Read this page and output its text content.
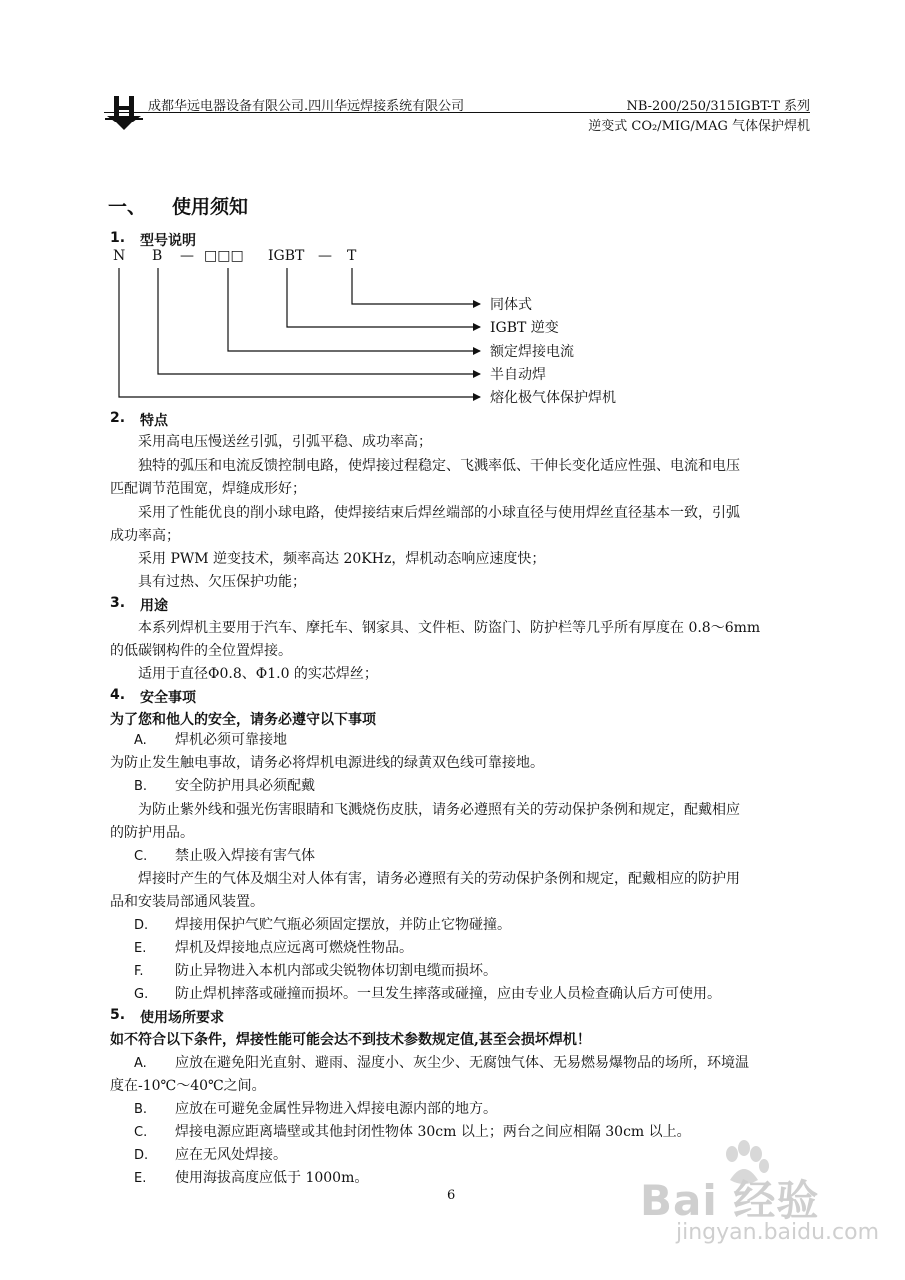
成都华远电器设备有限公司.四川华远焊接系统有限公司	NB-200/250/315IGBT-T 系列
逆变式 CO₂/MIG/MAG 气体保护焊机
一、 使用须知
1. 型号说明
N B — □□□ IGBT — T
同体式
IGBT 逆变
额定焊接电流
半自动焊
熔化极气体保护焊机
2. 特点
采用高电压慢送丝引弧，引弧平稳、成功率高；
独特的弧压和电流反馈控制电路，使焊接过程稳定、飞溅率低、干伸长变化适应性强、电流和电压
匹配调节范围宽，焊缝成形好；
采用了性能优良的削小球电路，使焊接结束后焊丝端部的小球直径与使用焊丝直径基本一致，引弧
成功率高；
采用 PWM 逆变技术，频率高达 20KHz，焊机动态响应速度快；
具有过热、欠压保护功能；
3. 用途
本系列焊机主要用于汽车、摩托车、钢家具、文件柜、防盗门、防护栏等几乎所有厚度在 0.8～6mm
的低碳钢构件的全位置焊接。
适用于直径Φ0.8、Φ1.0 的实芯焊丝；
4. 安全事项
为了您和他人的安全，请务必遵守以下事项
A. 焊机必须可靠接地
为防止发生触电事故，请务必将焊机电源进线的绿黄双色线可靠接地。
B. 安全防护用具必须配戴
为防止紫外线和强光伤害眼睛和飞溅烧伤皮肤，请务必遵照有关的劳动保护条例和规定，配戴相应
的防护用品。
C. 禁止吸入焊接有害气体
焊接时产生的气体及烟尘对人体有害，请务必遵照有关的劳动保护条例和规定，配戴相应的防护用
品和安装局部通风装置。
D. 焊接用保护气贮气瓶必须固定摆放，并防止它物碰撞。
E. 焊机及焊接地点应远离可燃烧性物品。
F. 防止异物进入本机内部或尖锐物体切割电缆而损坏。
G. 防止焊机摔落或碰撞而损坏。一旦发生摔落或碰撞，应由专业人员检查确认后方可使用。
5. 使用场所要求
如不符合以下条件，焊接性能可能会达不到技术参数规定值,甚至会损坏焊机！
A. 应放在避免阳光直射、避雨、湿度小、灰尘少、无腐蚀气体、无易燃易爆物品的场所，环境温
度在-10℃～40℃之间。
B. 应放在可避免金属性异物进入焊接电源内部的地方。
C. 焊接电源应距离墙壁或其他封闭性物体 30cm 以上；两台之间应相隔 30cm 以上。
D. 应在无风处焊接。
E. 使用海拔高度应低于 1000m。
6	Bai 经验
jingyan.baidu.com
